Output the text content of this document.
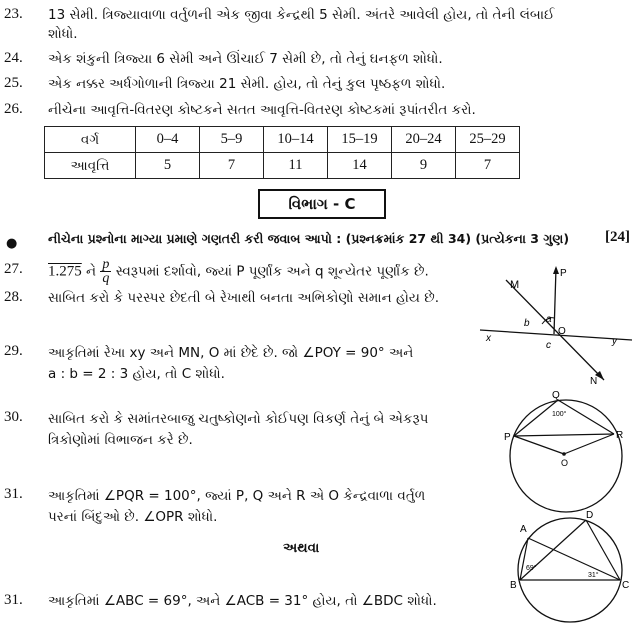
23. 13 સેમી. ત્રિજ્યાવાળા વર્તુળની એક જીવા કેન્દ્રથી 5 સેમી. અંતરે આવેલી હોય, તો તેની લંબાઈ
શોધો.
24. એક શંકુની ત્રિજ્યા 6 સેમી અને ઊંચાઈ 7 સેમી છે, તો તેનું ઘનફળ શોધો.
25. એક નક્કર અર્ધગોળાની ત્રિજ્યા 21 સેમી. હોય, તો તેનું કુલ પૃષ્ઠફળ શોધો.
26. નીચેના આવૃત્તિ-વિતરણ કોષ્ટકને સતત આવૃત્તિ-વિતરણ કોષ્ટકમાં રૂપાંતરીત કરો.
વર્ગ	0–4	5–9	10–14	15–19	20–24	25–29
આવૃત્તિ	5	7	11	14	9	7
વિભાગ - C
● નીચેના પ્રશ્નોના માગ્યા પ્રમાણે ગણતરી કરી જવાબ આપો : (પ્રશ્નક્રમાંક 27 થી 34) (પ્રત્યેકના 3 ગુણ) [24]
27. 1.275 ને $\frac{p}{q}$ સ્વરૂપમાં દર્શાવો, જ્યાં P પૂર્ણાંક અને q શૂન્યેતર પૂર્ણાંક છે.
28. સાબિત કરો કે પરસ્પર છેદતી બે રેખાથી બનતા અભિકોણો સમાન હોય છે.
29. આકૃતિમાં રેખા xy અને MN, O માં છેદે છે. જો ∠POY = 90° અને
a : b = 2 : 3 હોય, તો C શોધો.
30. સાબિત કરો કે સમાંતરબાજુ ચતુષ્કોણનો કોઈપણ વિકર્ણ તેનું બે એકરૂપ
ત્રિકોણોમાં વિભાજન કરે છે.
31. આકૃતિમાં ∠PQR = 100°, જ્યાં P, Q અને R એ O કેન્દ્રવાળા વર્તુળ
પરનાં બિંદુઓ છે. ∠OPR શોધો.
અથવા
31. આકૃતિમાં ∠ABC = 69°, અને ∠ACB = 31° હોય, તો ∠BDC શોધો.
M
P
a
b
O
c
x	y
N
Q
100°
P	R
O
A
D
69°
B
31°
C
